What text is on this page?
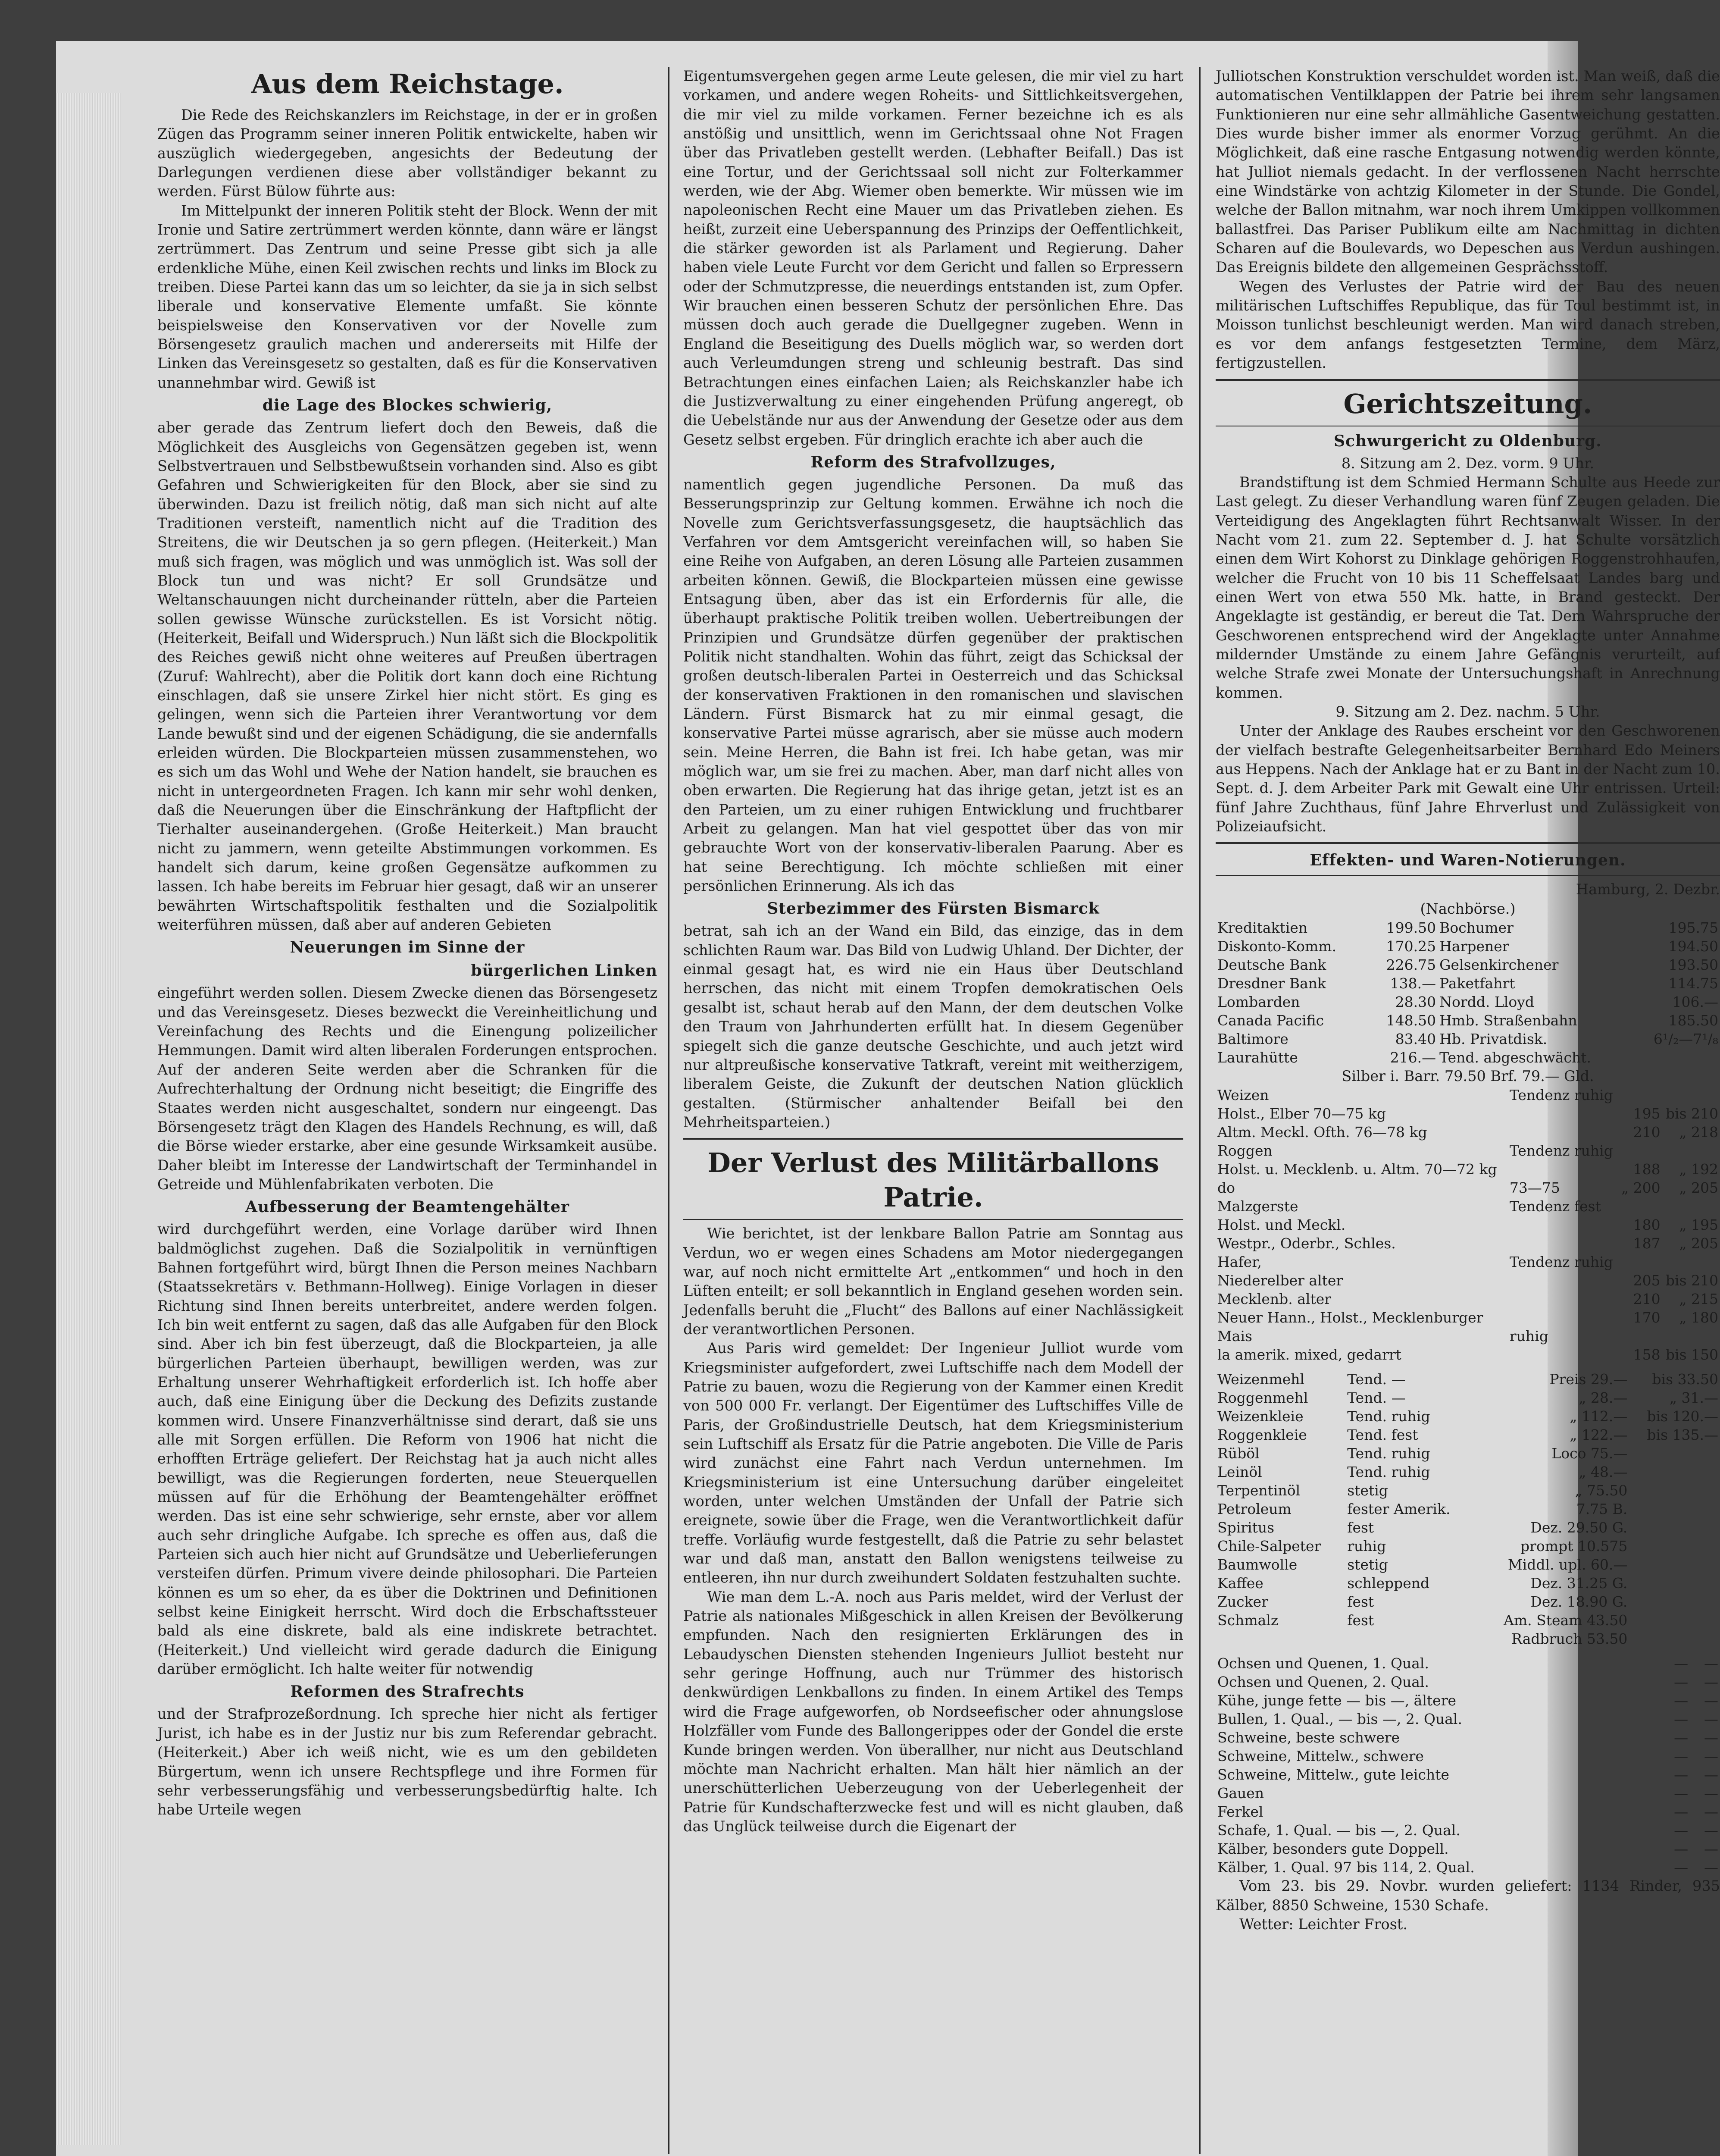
Aus dem Reichstage.

Die Rede des Reichskanzlers im Reichstage, in der er in großen Zügen das Programm seiner inneren Politik entwickelte, haben wir auszüglich wiedergegeben, angesichts der Bedeutung der Darlegungen verdienen diese aber vollständiger bekannt zu werden. Fürst Bülow führte aus:

Im Mittelpunkt der inneren Politik steht der Block. Wenn der mit Ironie und Satire zertrümmert werden könnte, dann wäre er längst zertrümmert. Das Zentrum und seine Presse gibt sich ja alle erdenkliche Mühe, einen Keil zwischen rechts und links im Block zu treiben. Diese Partei kann das um so leichter, da sie ja in sich selbst liberale und konservative Elemente umfaßt. Sie könnte beispielsweise den Konservativen vor der Novelle zum Börsengesetz graulich machen und andererseits mit Hilfe der Linken das Vereinsgesetz so gestalten, daß es für die Konservativen unannehmbar wird. Gewiß ist

die Lage des Blockes schwierig,

aber gerade das Zentrum liefert doch den Beweis, daß die Möglichkeit des Ausgleichs von Gegensätzen gegeben ist, wenn Selbstvertrauen und Selbstbewußtsein vorhanden sind. Also es gibt Gefahren und Schwierigkeiten für den Block, aber sie sind zu überwinden. Dazu ist freilich nötig, daß man sich nicht auf alte Traditionen versteift, namentlich nicht auf die Tradition des Streitens, die wir Deutschen ja so gern pflegen. (Heiterkeit.) Man muß sich fragen, was möglich und was unmöglich ist. Was soll der Block tun und was nicht? Er soll Grundsätze und Weltanschauungen nicht durcheinander rütteln, aber die Parteien sollen gewisse Wünsche zurückstellen. Es ist Vorsicht nötig. (Heiterkeit, Beifall und Widerspruch.) Nun läßt sich die Blockpolitik des Reiches gewiß nicht ohne weiteres auf Preußen übertragen (Zuruf: Wahlrecht), aber die Politik dort kann doch eine Richtung einschlagen, daß sie unsere Zirkel hier nicht stört. Es ging es gelingen, wenn sich die Parteien ihrer Verantwortung vor dem Lande bewußt sind und der eigenen Schädigung, die sie andernfalls erleiden würden. Die Blockparteien müssen zusammenstehen, wo es sich um das Wohl und Wehe der Nation handelt, sie brauchen es nicht in untergeordneten Fragen. Ich kann mir sehr wohl denken, daß die Neuerungen über die Einschränkung der Haftpflicht der Tierhalter auseinandergehen. (Große Heiterkeit.) Man braucht nicht zu jammern, wenn geteilte Abstimmungen vorkommen. Es handelt sich darum, keine großen Gegensätze aufkommen zu lassen. Ich habe bereits im Februar hier gesagt, daß wir an unserer bewährten Wirtschaftspolitik festhalten und die Sozialpolitik weiterführen müssen, daß aber auf anderen Gebieten

Neuerungen im Sinne der
bürgerlichen Linken

eingeführt werden sollen. Diesem Zwecke dienen das Börsengesetz und das Vereinsgesetz. Dieses bezweckt die Vereinheitlichung und Vereinfachung des Rechts und die Einengung polizeilicher Hemmungen. Damit wird alten liberalen Forderungen entsprochen. Auf der anderen Seite werden aber die Schranken für die Aufrechterhaltung der Ordnung nicht beseitigt; die Eingriffe des Staates werden nicht ausgeschaltet, sondern nur eingeengt. Das Börsengesetz trägt den Klagen des Handels Rechnung, es will, daß die Börse wieder erstarke, aber eine gesunde Wirksamkeit ausübe. Daher bleibt im Interesse der Landwirtschaft der Terminhandel in Getreide und Mühlenfabrikaten verboten. Die

Aufbesserung der Beamtengehälter

wird durchgeführt werden, eine Vorlage darüber wird Ihnen baldmöglichst zugehen. Daß die Sozialpolitik in vernünftigen Bahnen fortgeführt wird, bürgt Ihnen die Person meines Nachbarn (Staatssekretärs v. Bethmann-Hollweg). Einige Vorlagen in dieser Richtung sind Ihnen bereits unterbreitet, andere werden folgen. Ich bin weit entfernt zu sagen, daß das alle Aufgaben für den Block sind. Aber ich bin fest überzeugt, daß die Blockparteien, ja alle bürgerlichen Parteien überhaupt, bewilligen werden, was zur Erhaltung unserer Wehrhaftigkeit erforderlich ist. Ich hoffe aber auch, daß eine Einigung über die Deckung des Defizits zustande kommen wird. Unsere Finanzverhältnisse sind derart, daß sie uns alle mit Sorgen erfüllen. Die Reform von 1906 hat nicht die erhofften Erträge geliefert. Der Reichstag hat ja auch nicht alles bewilligt, was die Regierungen forderten, neue Steuerquellen müssen auf für die Erhöhung der Beamtengehälter eröffnet werden. Das ist eine sehr schwierige, sehr ernste, aber vor allem auch sehr dringliche Aufgabe. Ich spreche es offen aus, daß die Parteien sich auch hier nicht auf Grundsätze und Ueberlieferungen versteifen dürfen. Primum vivere deinde philosophari. Die Parteien können es um so eher, da es über die Doktrinen und Definitionen selbst keine Einigkeit herrscht. Wird doch die Erbschaftssteuer bald als eine diskrete, bald als eine indiskrete betrachtet. (Heiterkeit.) Und vielleicht wird gerade dadurch die Einigung darüber ermöglicht. Ich halte weiter für notwendig

Reformen des Strafrechts

und der Strafprozeßordnung. Ich spreche hier nicht als fertiger Jurist, ich habe es in der Justiz nur bis zum Referendar gebracht. (Heiterkeit.) Aber ich weiß nicht, wie es um den gebildeten Bürgertum, wenn ich unsere Rechtspflege und ihre Formen für sehr verbesserungsfähig und verbesserungsbedürftig halte. Ich habe Urteile wegen

Eigentumsvergehen gegen arme Leute gelesen, die mir viel zu hart vorkamen, und andere wegen Roheits- und Sittlichkeitsvergehen, die mir viel zu milde vorkamen. Ferner bezeichne ich es als anstößig und unsittlich, wenn im Gerichtssaal ohne Not Fragen über das Privatleben gestellt werden. (Lebhafter Beifall.) Das ist eine Tortur, und der Gerichtssaal soll nicht zur Folterkammer werden, wie der Abg. Wiemer oben bemerkte. Wir müssen wie im napoleonischen Recht eine Mauer um das Privatleben ziehen. Es heißt, zurzeit eine Ueberspannung des Prinzips der Oeffentlichkeit, die stärker geworden ist als Parlament und Regierung. Daher haben viele Leute Furcht vor dem Gericht und fallen so Erpressern oder der Schmutzpresse, die neuerdings entstanden ist, zum Opfer. Wir brauchen einen besseren Schutz der persönlichen Ehre. Das müssen doch auch gerade die Duellgegner zugeben. Wenn in England die Beseitigung des Duells möglich war, so werden dort auch Verleumdungen streng und schleunig bestraft. Das sind Betrachtungen eines einfachen Laien; als Reichskanzler habe ich die Justizverwaltung zu einer eingehenden Prüfung angeregt, ob die Uebelstände nur aus der Anwendung der Gesetze oder aus dem Gesetz selbst ergeben. Für dringlich erachte ich aber auch die

Reform des Strafvollzuges,

namentlich gegen jugendliche Personen. Da muß das Besserungsprinzip zur Geltung kommen. Erwähne ich noch die Novelle zum Gerichtsverfassungsgesetz, die hauptsächlich das Verfahren vor dem Amtsgericht vereinfachen will, so haben Sie eine Reihe von Aufgaben, an deren Lösung alle Parteien zusammen arbeiten können. Gewiß, die Blockparteien müssen eine gewisse Entsagung üben, aber das ist ein Erfordernis für alle, die überhaupt praktische Politik treiben wollen. Uebertreibungen der Prinzipien und Grundsätze dürfen gegenüber der praktischen Politik nicht standhalten. Wohin das führt, zeigt das Schicksal der großen deutsch-liberalen Partei in Oesterreich und das Schicksal der konservativen Fraktionen in den romanischen und slavischen Ländern. Fürst Bismarck hat zu mir einmal gesagt, die konservative Partei müsse agrarisch, aber sie müsse auch modern sein. Meine Herren, die Bahn ist frei. Ich habe getan, was mir möglich war, um sie frei zu machen. Aber, man darf nicht alles von oben erwarten. Die Regierung hat das ihrige getan, jetzt ist es an den Parteien, um zu einer ruhigen Entwicklung und fruchtbarer Arbeit zu gelangen. Man hat viel gespottet über das von mir gebrauchte Wort von der konservativ-liberalen Paarung. Aber es hat seine Berechtigung. Ich möchte schließen mit einer persönlichen Erinnerung. Als ich das

Sterbezimmer des Fürsten Bismarck

betrat, sah ich an der Wand ein Bild, das einzige, das in dem schlichten Raum war. Das Bild von Ludwig Uhland. Der Dichter, der einmal gesagt hat, es wird nie ein Haus über Deutschland herrschen, das nicht mit einem Tropfen demokratischen Oels gesalbt ist, schaut herab auf den Mann, der dem deutschen Volke den Traum von Jahrhunderten erfüllt hat. In diesem Gegenüber spiegelt sich die ganze deutsche Geschichte, und auch jetzt wird nur altpreußische konservative Tatkraft, vereint mit weitherzigem, liberalem Geiste, die Zukunft der deutschen Nation glücklich gestalten. (Stürmischer anhaltender Beifall bei den Mehrheitsparteien.)

Der Verlust des Militärballons Patrie.

Wie berichtet, ist der lenkbare Ballon Patrie am Sonntag aus Verdun, wo er wegen eines Schadens am Motor niedergegangen war, auf noch nicht ermittelte Art „entkommen“ und hoch in den Lüften enteilt; er soll bekanntlich in England gesehen worden sein. Jedenfalls beruht die „Flucht“ des Ballons auf einer Nachlässigkeit der verantwortlichen Personen.

Aus Paris wird gemeldet: Der Ingenieur Julliot wurde vom Kriegsminister aufgefordert, zwei Luftschiffe nach dem Modell der Patrie zu bauen, wozu die Regierung von der Kammer einen Kredit von 500 000 Fr. verlangt. Der Eigentümer des Luftschiffes Ville de Paris, der Großindustrielle Deutsch, hat dem Kriegsministerium sein Luftschiff als Ersatz für die Patrie angeboten. Die Ville de Paris wird zunächst eine Fahrt nach Verdun unternehmen. Im Kriegsministerium ist eine Untersuchung darüber eingeleitet worden, unter welchen Umständen der Unfall der Patrie sich ereignete, sowie über die Frage, wen die Verantwortlichkeit dafür treffe. Vorläufig wurde festgestellt, daß die Patrie zu sehr belastet war und daß man, anstatt den Ballon wenigstens teilweise zu entleeren, ihn nur durch zweihundert Soldaten festzuhalten suchte.

Wie man dem L.-A. noch aus Paris meldet, wird der Verlust der Patrie als nationales Mißgeschick in allen Kreisen der Bevölkerung empfunden. Nach den resignierten Erklärungen des in Lebaudyschen Diensten stehenden Ingenieurs Julliot besteht nur sehr geringe Hoffnung, auch nur Trümmer des historisch denkwürdigen Lenkballons zu finden. In einem Artikel des Temps wird die Frage aufgeworfen, ob Nordseefischer oder ahnungslose Holzfäller vom Funde des Ballongerippes oder der Gondel die erste Kunde bringen werden. Von überallher, nur nicht aus Deutschland möchte man Nachricht erhalten. Man hält hier nämlich an der unerschütterlichen Ueberzeugung von der Ueberlegenheit der Patrie für Kundschafterzwecke fest und will es nicht glauben, daß das Unglück teilweise durch die Eigenart der

Julliotschen Konstruktion verschuldet worden ist. Man weiß, daß die automatischen Ventilklappen der Patrie bei ihrem sehr langsamen Funktionieren nur eine sehr allmähliche Gasentweichung gestatten. Dies wurde bisher immer als enormer Vorzug gerühmt. An die Möglichkeit, daß eine rasche Entgasung notwendig werden könnte, hat Julliot niemals gedacht. In der verflossenen Nacht herrschte eine Windstärke von achtzig Kilometer in der Stunde. Die Gondel, welche der Ballon mitnahm, war noch ihrem Umkippen vollkommen ballastfrei. Das Pariser Publikum eilte am Nachmittag in dichten Scharen auf die Boulevards, wo Depeschen aus Verdun aushingen. Das Ereignis bildete den allgemeinen Gesprächsstoff.

Wegen des Verlustes der Patrie wird der Bau des neuen militärischen Luftschiffes Republique, das für Toul bestimmt ist, in Moisson tunlichst beschleunigt werden. Man wird danach streben, es vor dem anfangs festgesetzten Termine, dem März, fertigzustellen.

Gerichtszeitung.
Schwurgericht zu Oldenburg.

8. Sitzung am 2. Dez. vorm. 9 Uhr.

Brandstiftung ist dem Schmied Hermann Schulte aus Heede zur Last gelegt. Zu dieser Verhandlung waren fünf Zeugen geladen. Die Verteidigung des Angeklagten führt Rechtsanwalt Wisser. In der Nacht vom 21. zum 22. September d. J. hat Schulte vorsätzlich einen dem Wirt Kohorst zu Dinklage gehörigen Roggenstrohhaufen, welcher die Frucht von 10 bis 11 Scheffelsaat Landes barg und einen Wert von etwa 550 Mk. hatte, in Brand gesteckt. Der Angeklagte ist geständig, er bereut die Tat. Dem Wahrspruche der Geschworenen entsprechend wird der Angeklagte unter Annahme mildernder Umstände zu einem Jahre Gefängnis verurteilt, auf welche Strafe zwei Monate der Untersuchungshaft in Anrechnung kommen.

9. Sitzung am 2. Dez. nachm. 5 Uhr.

Unter der Anklage des Raubes erscheint vor den Geschworenen der vielfach bestrafte Gelegenheitsarbeiter Bernhard Edo Meiners aus Heppens. Nach der Anklage hat er zu Bant in der Nacht zum 10. Sept. d. J. dem Arbeiter Park mit Gewalt eine Uhr entrissen. Urteil: fünf Jahre Zuchthaus, fünf Jahre Ehrverlust und Zulässigkeit von Polizeiaufsicht.

Effekten- und Waren-Notierungen.

Hamburg, 2. Dezbr.

(Nachbörse.)

Kreditaktien	199.50	Bochumer	195.75
Diskonto-Komm.	170.25	Harpener	194.50
Deutsche Bank	226.75	Gelsenkirchener	193.50
Dresdner Bank	138.—	Paketfahrt	114.75
Lombarden	28.30	Nordd. Lloyd	106.—
Canada Pacific	148.50	Hmb. Straßenbahn	185.50
Baltimore	83.40	Hb. Privatdisk.	6¹/₂—7¹/₈
Laurahütte	216.—	Tend. abgeschwächt.	

Silber i. Barr. 79.50 Brf. 79.— Gld.

Weizen	Tendenz ruhig		
Holst., Elber 70—75 kg		195	bis 210
Altm. Meckl. Ofth. 76—78 kg		210	„ 218
Roggen	Tendenz ruhig		
Holst. u. Mecklenb. u. Altm. 70—72 kg		188	„ 192
do	73—75	„ 200	„ 205
Malzgerste	Tendenz fest		
Holst. und Meckl.		180	„ 195
Westpr., Oderbr., Schles.		187	„ 205
Hafer,	Tendenz ruhig		
Niederelber alter		205	bis 210
Mecklenb. alter		210	„ 215
Neuer Hann., Holst., Mecklenburger		170	„ 180
Mais	ruhig		
la amerik. mixed, gedarrt		158	bis 150
Weizenmehl	Tend. —	Preis 29.—	bis 33.50
Roggenmehl	Tend. —	„ 28.—	„ 31.—
Weizenkleie	Tend. ruhig	„ 112.—	bis 120.—
Roggenkleie	Tend. fest	„ 122.—	bis 135.—
Rüböl	Tend. ruhig	Loco 75.—	
Leinöl	Tend. ruhig	„ 48.—	
Terpentinöl	stetig	„ 75.50	
Petroleum	fester Amerik.	7.75 B.	
Spiritus	fest	Dez. 29.50 G.	
Chile-Salpeter	ruhig	prompt 10.575	
Baumwolle	stetig	Middl. upl. 60.—	
Kaffee	schleppend	Dez. 31.25 G.	
Zucker	fest	Dez. 18.90 G.	
Schmalz	fest	Am. Steam 43.50	
		Radbruch 53.50	
Ochsen und Quenen, 1. Qual.	—	—
Ochsen und Quenen, 2. Qual.	—	—
Kühe, junge fette — bis —, ältere	—	—
Bullen, 1. Qual., — bis —, 2. Qual.	—	—
Schweine, beste schwere	—	—
Schweine, Mittelw., schwere	—	—
Schweine, Mittelw., gute leichte	—	—
Gauen	—	—
Ferkel	—	—
Schafe, 1. Qual. — bis —, 2. Qual.	—	—
Kälber, besonders gute Doppell.	—	—
Kälber, 1. Qual. 97 bis 114, 2. Qual.	—	—

Vom 23. bis 29. Novbr. wurden geliefert: 1134 Rinder, 935 Kälber, 8850 Schweine, 1530 Schafe.

Wetter: Leichter Frost.
